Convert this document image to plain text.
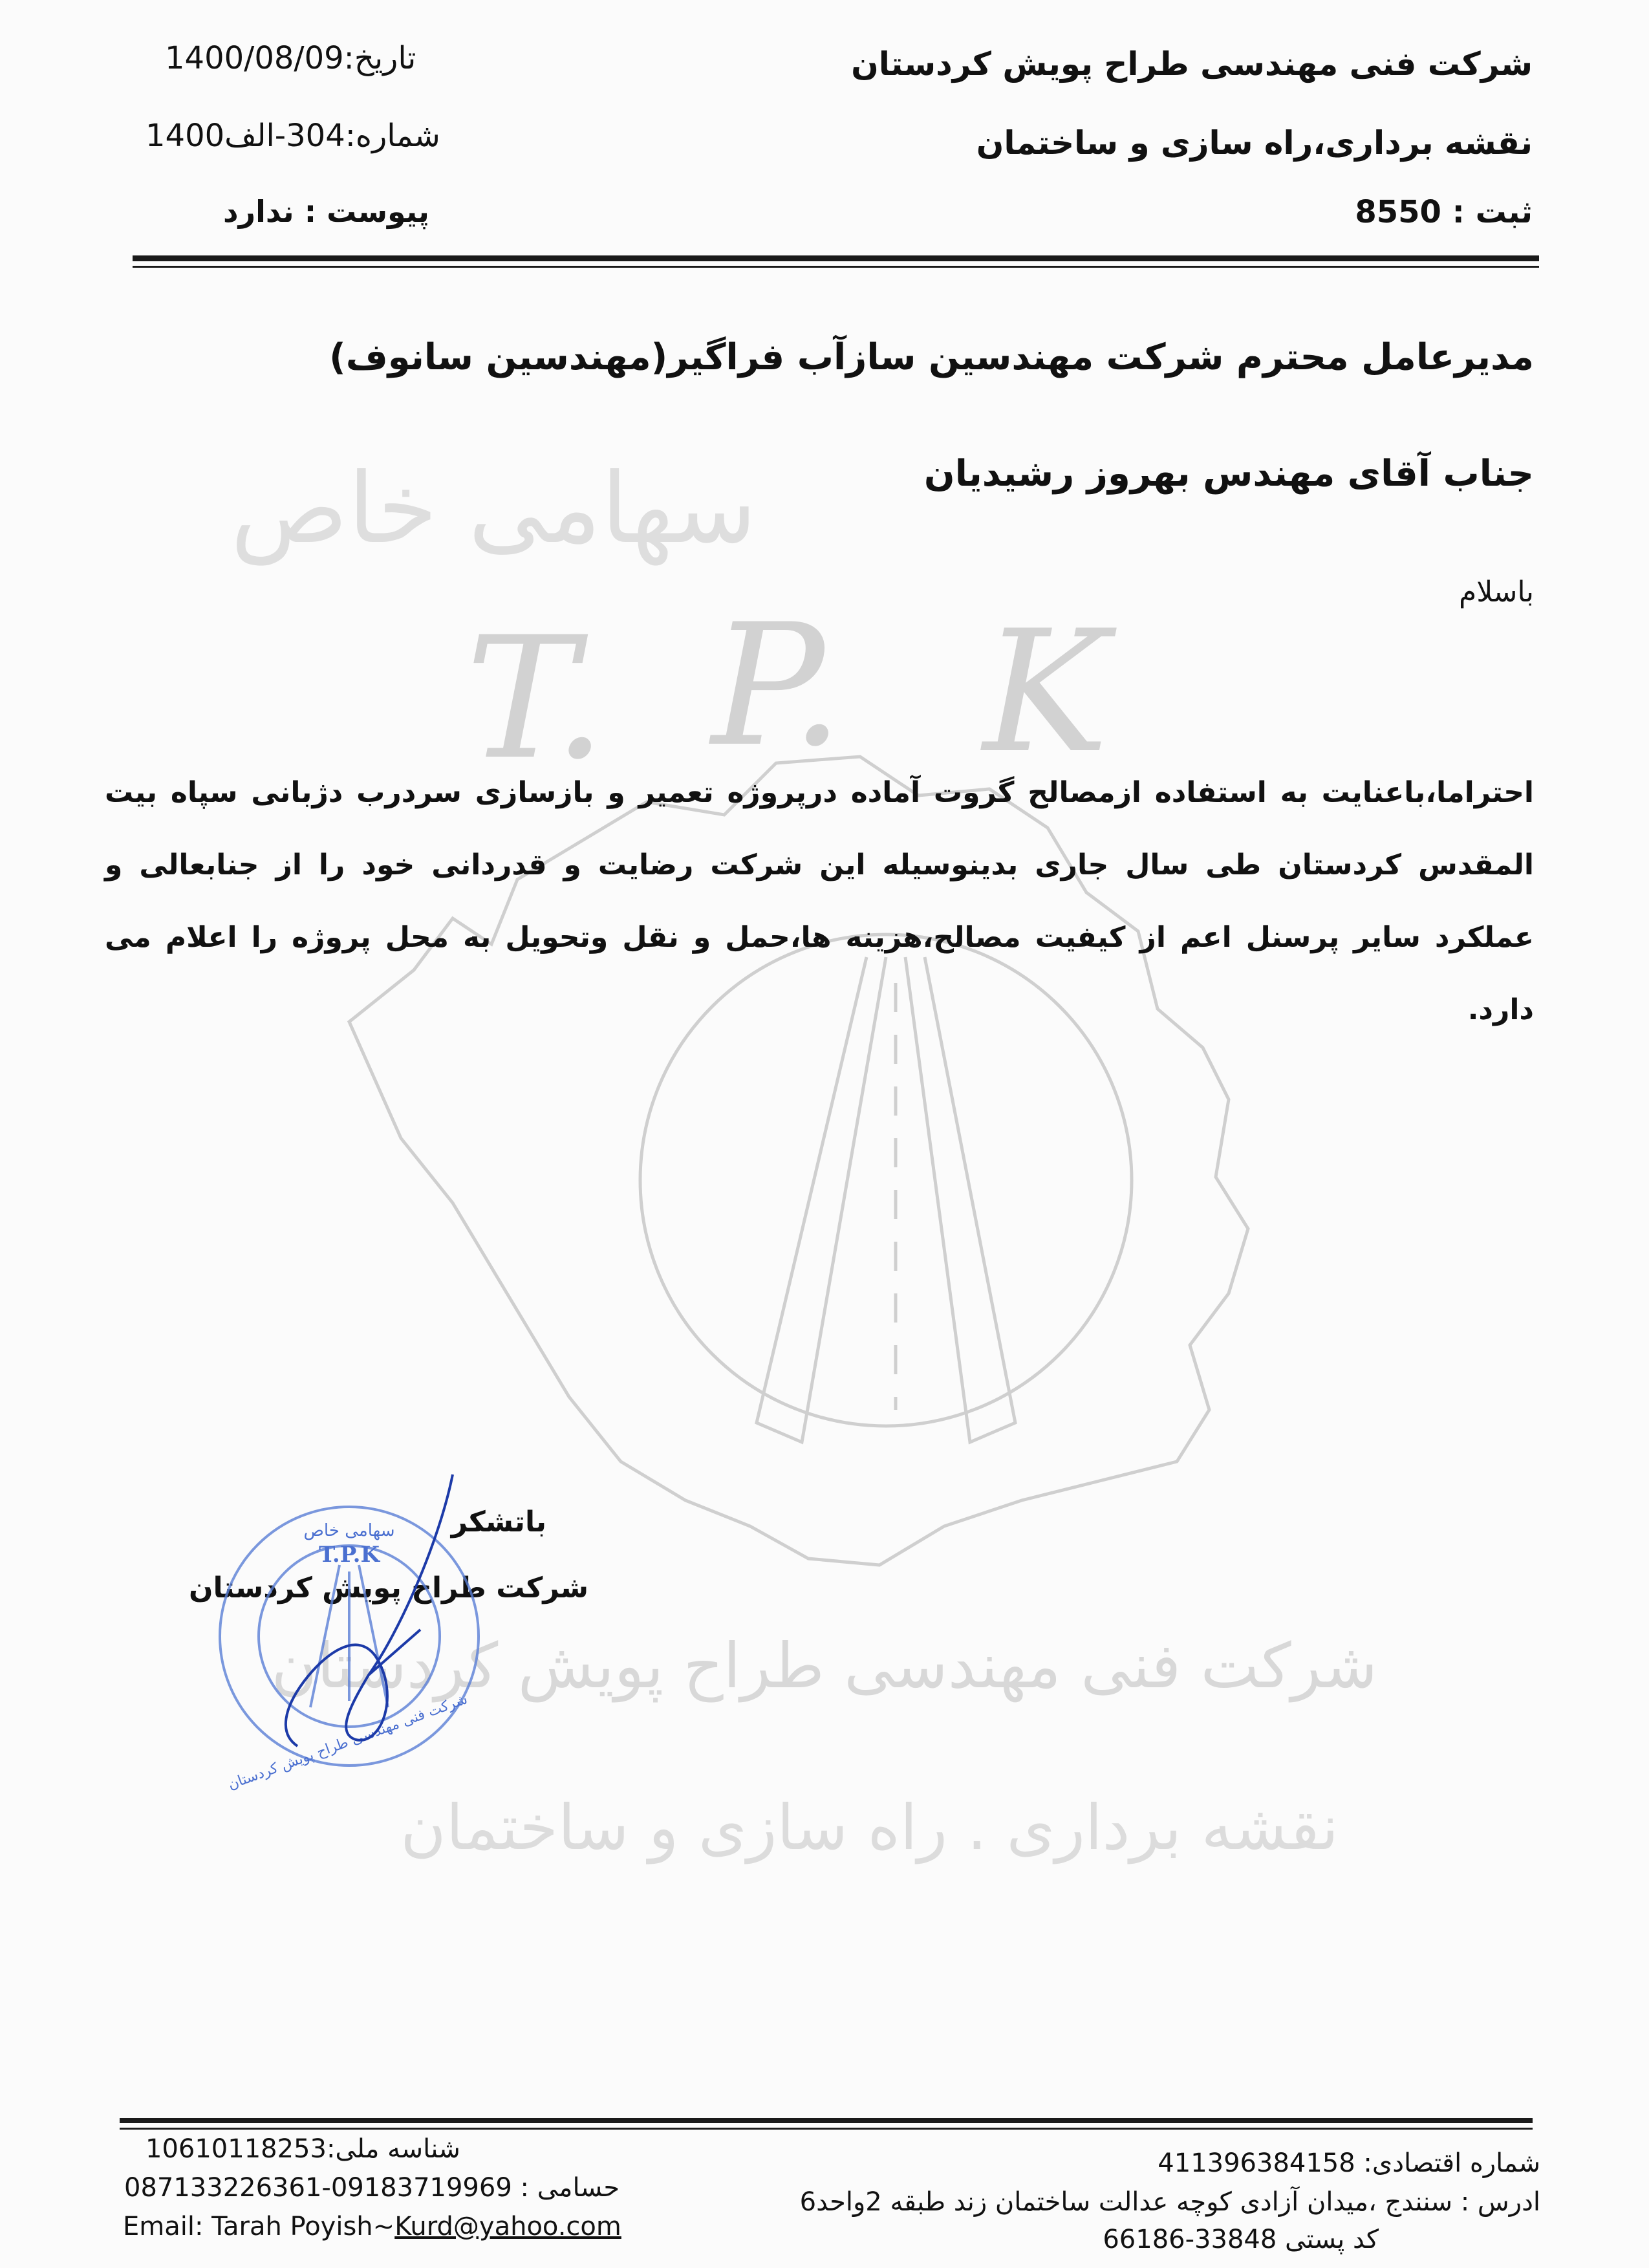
T. P. K
سهامی خاص
شرکت فنی مهندسی طراح پویش کردستان
نقشه برداری . راه سازی و ساختمان
شرکت فنی مهندسی طراح پویش کردستان
نقشه برداری،راه سازی و ساختمان
ثبت : 8550
تاریخ:1400/08/09
شماره:304-الف1400
پیوست : ندارد
مدیرعامل محترم شرکت مهندسین سازآب فراگیر(مهندسین سانوف)
جناب آقای مهندس بهروز رشیدیان
باسلام
احتراما،باعنایت به استفاده ازمصالح گروت آماده درپروژه تعمیر و بازسازی سردرب دژبانی سپاه بیت المقدس کردستان طی سال جاری بدینوسیله این شرکت رضایت و قدردانی خود را از جنابعالی و عملکرد سایر پرسنل اعم از کیفیت مصالح،هزینه ها،حمل و نقل وتحویل به محل پروژه را اعلام می دارد.
باتشکر
شرکت طراح پویش کردستان
سهامی خاص
T.P.K
شرکت فنی مهندسی طراح پویش کردستان
شماره اقتصادی: 411396384158
ادرس : سنندج ،میدان آزادی کوچه عدالت ساختمان زند طبقه 2واحد6
کد پستی 33848-66186
شناسه ملی:10610118253
حسامی : 09183719969-087133226361
Email: Tarah Poyish~Kurd@yahoo.com
